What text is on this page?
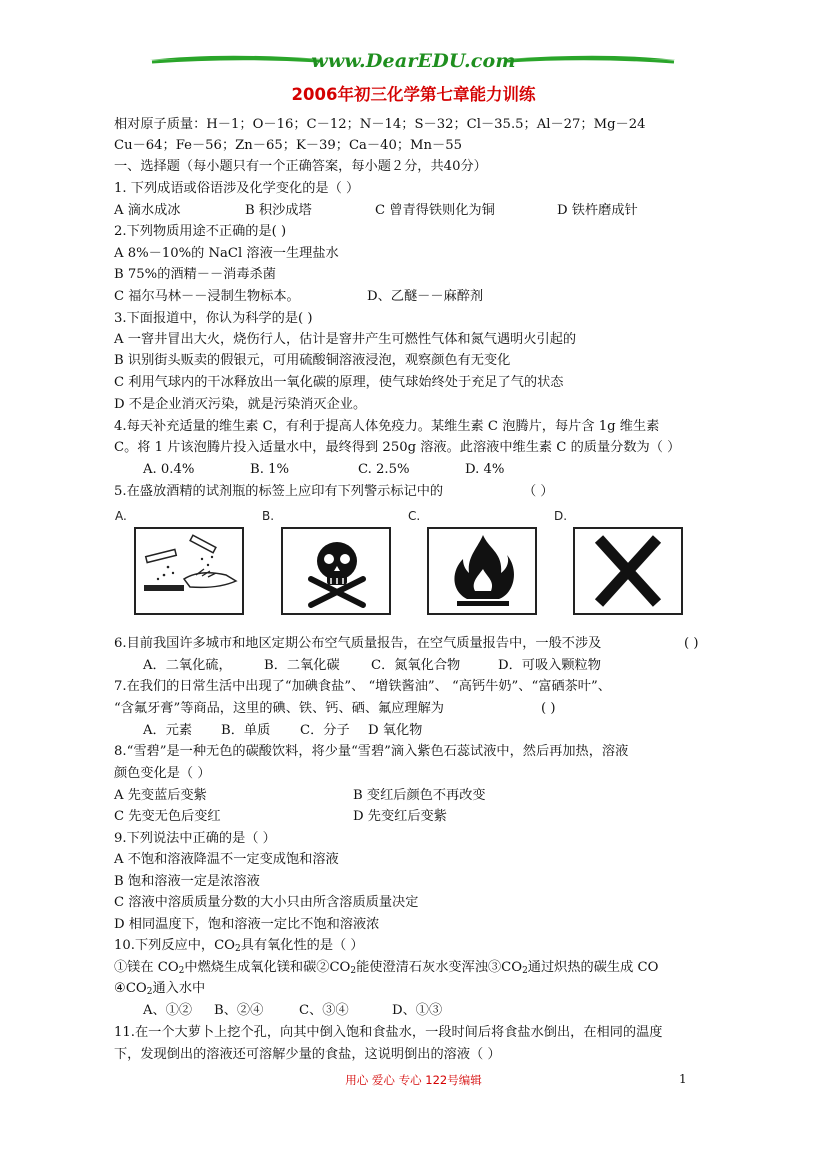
www.DearEDU.com
2006年初三化学第七章能力训练
相对原子质量：H－1；O－16；C－12；N－14；S－32；Cl－35.5；Al－27；Mg－24
Cu－64；Fe－56；Zn－65；K－39；Ca－40；Mn－55
一、选择题（每小题只有一个正确答案，每小题２分，共40分）
1. 下列成语或俗语涉及化学变化的是（ ）
A 滴水成冰	B 积沙成塔	C 曾青得铁则化为铜	D 铁杵磨成针
2.下列物质用途不正确的是( )
A 8%－10%的 NaCl 溶液一生理盐水
B 75%的酒精－－消毒杀菌
C 福尔马林－－浸制生物标本。	D、乙醚－－麻醉剂
3.下面报道中，你认为科学的是( )
A 一窨井冒出大火，烧伤行人，估计是窨井产生可燃性气体和氮气遇明火引起的
B 识别街头贩卖的假银元，可用硫酸铜溶液浸泡，观察颜色有无变化
C 利用气球内的干冰释放出一氧化碳的原理，使气球始终处于充足了气的状态
D 不是企业消灭污染，就是污染消灭企业。
4.每天补充适量的维生素 C，有利于提高人体免疫力。某维生素 C 泡腾片，每片含 1g 维生素
C。将 1 片该泡腾片投入适量水中，最终得到 250g 溶液。此溶液中维生素 C 的质量分数为（ ）
A. 0.4%	B. 1%	C. 2.5%	D. 4%
5.在盛放酒精的试剂瓶的标签上应印有下列警示标记中的	（ ）
A.	B.	C.	D.
6.目前我国许多城市和地区定期公布空气质量报告，在空气质量报告中，一般不涉及	( )
A．二氧化硫， B．二氧化碳 C．氮氧化合物	D．可吸入颗粒物
7.在我们的日常生活中出现了“加碘食盐”、 “增铁酱油”、 “高钙牛奶”、“富硒茶叶”、
“含氟牙膏”等商品，这里的碘、铁、钙、硒、氟应理解为	( )
A．元素 B．单质 C．分子 D 氧化物
8.“雪碧”是一种无色的碳酸饮料，将少量“雪碧”滴入紫色石蕊试液中，然后再加热，溶液
颜色变化是（ ）
A 先变蓝后变紫	B 变红后颜色不再改变
C 先变无色后变红	D 先变红后变紫
9.下列说法中正确的是（ ）
A 不饱和溶液降温不一定变成饱和溶液
B 饱和溶液一定是浓溶液
C 溶液中溶质质量分数的大小只由所含溶质质量决定
D 相同温度下，饱和溶液一定比不饱和溶液浓
10.下列反应中，$CO_2$具有氧化性的是（ ）
①镁在 $CO_2$中燃烧生成氧化镁和碳$②CO_2$能使澄清石灰水变浑浊$③CO_2$通过炽热的碳生成 CO
$④CO_2$通入水中
A、①② B、②④	C、③④	D、①③
11.在一个大萝卜上挖个孔，向其中倒入饱和食盐水，一段时间后将食盐水倒出，在相同的温度
下，发现倒出的溶液还可溶解少量的食盐，这说明倒出的溶液（ ）
用心 爱心 专心 122号编辑	1
